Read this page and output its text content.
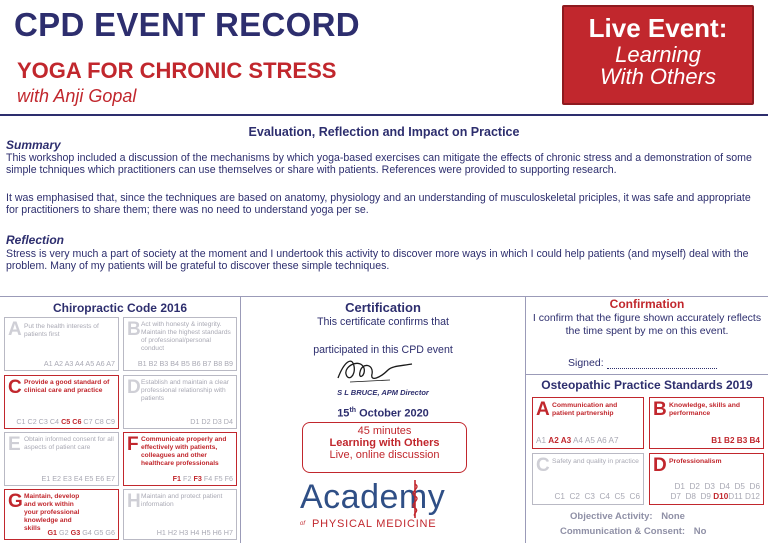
CPD EVENT RECORD
YOGA FOR CHRONIC STRESS
with Anji Gopal
Live Event:
Learning
With Others
Evaluation, Reflection and Impact on Practice
Summary
This workshop included a discussion of the mechanisms by which yoga-based exercises can mitigate the effects of chronic stress and a demonstration of some simple tchniques which practitioners can use themselves or share with patients. References were provided to supporting research.
It was emphasised that, since the techniques are based on anatomy, physiology and an understanding of musculoskeletal priciples, it was safe and appropriate for practitioners to share them; there was no need to understand yoga per se.
Reflection
Stress is very much a part of society at the moment and I undertook this activity to discover more ways in which I could help patients (and myself) deal with the problem. Many of my patients will be grateful to discover these simple techniques.
Chiropractic Code 2016
A Put the health interests of patients first
A1 A2 A3 A4 A5 A6 A7
B Act with honesty & integrity. Maintain the highest standards of professional/personal conduct
B1 B2 B3 B4 B5 B6 B7 B8 B9
C Provide a good standard of clinical care and practice
C1 C2 C3 C4 C5 C6 C7 C8 C9
D Establish and maintain a clear professional relationship with patients
D1 D2 D3 D4
E Obtain informed consent for all aspects of patient care
E1 E2 E3 E4 E5 E6 E7
F Communicate properly and effectively with patients, colleagues and other healthcare professionals
F1 F2 F3 F4 F5 F6
G Maintain, develop and work within your professional knowledge and skills G1 G2 G3 G4 G5 G6
H Maintain and protect patient information
H1 H2 H3 H4 H5 H6 H7
Certification
This certificate confirms that
participated in this CPD event
S L BRUCE, APM Director
15th October 2020
45 minutes
Learning with Others
Live, online discussion
Academy
of PHYSICAL MEDICINE
Confirmation
I confirm that the figure shown accurately reflects the time spent by me on this event.
Signed:
Osteopathic Practice Standards 2019
A Communication and patient partnership
A1 A2 A3 A4 A5 A6 A7
B Knowledge, skills and performance
B1 B2 B3 B4
C Safety and quality in practice
C1  C2  C3  C4  C5  C6
D Professionalism
D1  D2  D3  D4  D5  D6
D7  D8  D9 D10D11 D12
Objective Activity: None
Communication & Consent: No
